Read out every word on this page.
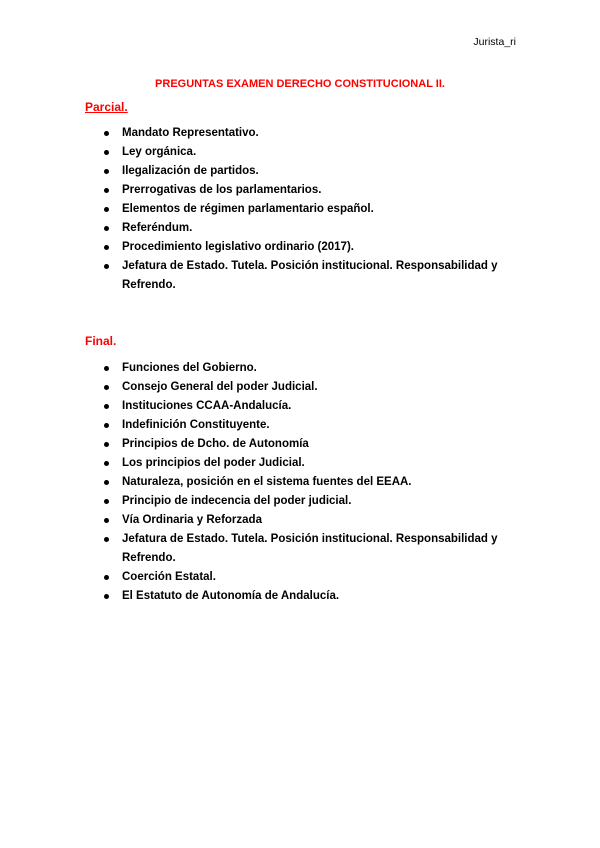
Jurista_ri
PREGUNTAS EXAMEN DERECHO CONSTITUCIONAL II.
Parcial.
Mandato Representativo.
Ley orgánica.
Ilegalización de partidos.
Prerrogativas de los parlamentarios.
Elementos de régimen parlamentario español.
Referéndum.
Procedimiento legislativo ordinario (2017).
Jefatura de Estado. Tutela. Posición institucional. Responsabilidad y Refrendo.
Final.
Funciones del Gobierno.
Consejo General del poder Judicial.
Instituciones CCAA-Andalucía.
Indefinición Constituyente.
Principios de Dcho. de Autonomía
Los principios del poder Judicial.
Naturaleza, posición en el sistema fuentes del EEAA.
Principio de indecencia del poder judicial.
Vía Ordinaria y Reforzada
Jefatura de Estado. Tutela. Posición institucional. Responsabilidad y Refrendo.
Coerción Estatal.
El Estatuto de Autonomía de Andalucía.
